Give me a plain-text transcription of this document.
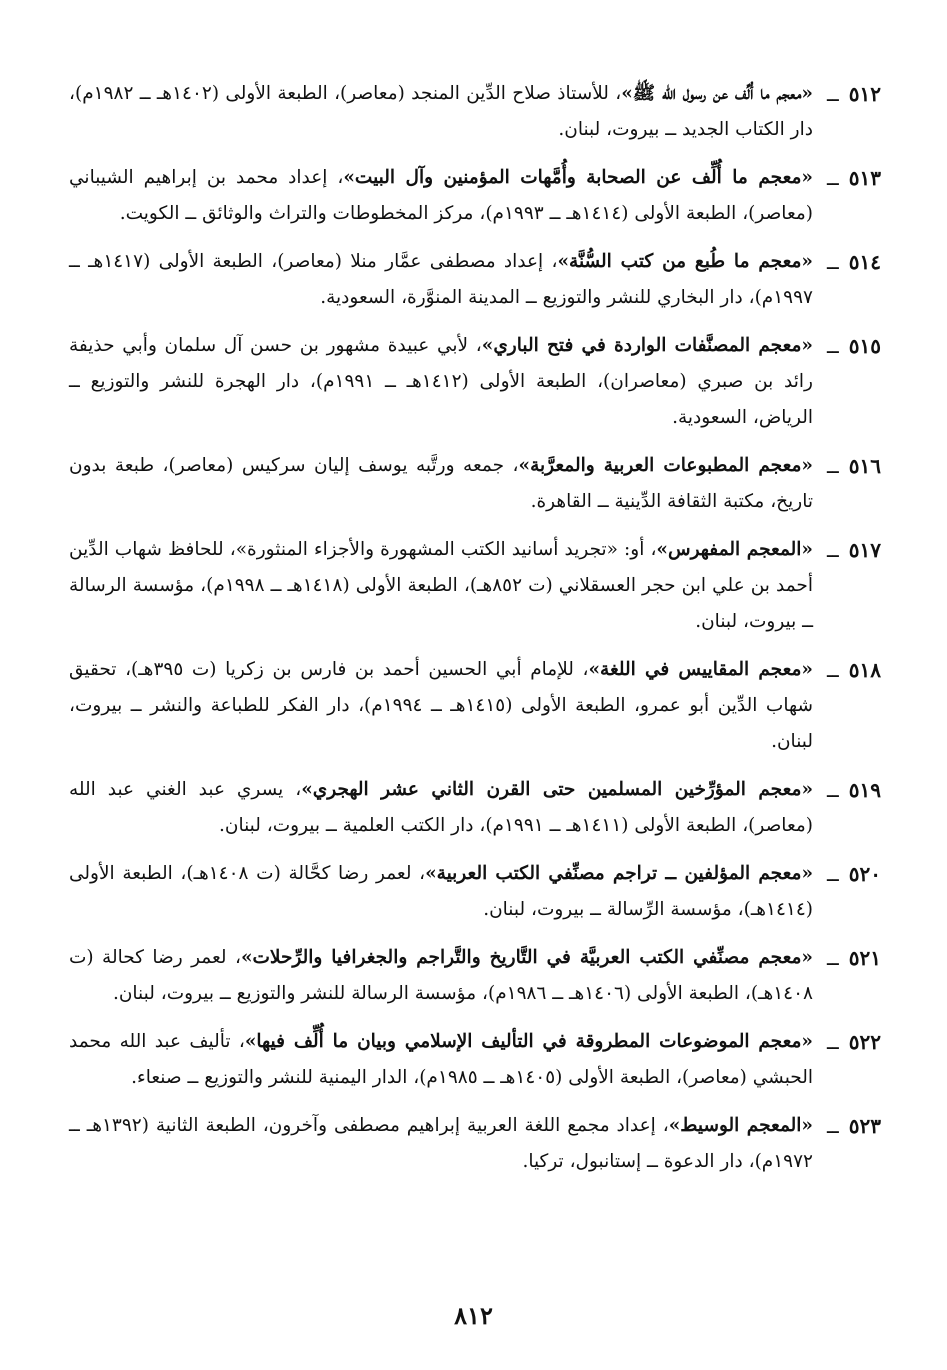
٥١٢ــ
«معجم ما أُلِّف عن رسول الله ﷺ»، للأستاذ صلاح الدِّين المنجد (معاصر)، الطبعة الأولى (١٤٠٢هـ ــ ١٩٨٢م)، دار الكتاب الجديد ــ بيروت، لبنان.
٥١٣ــ
«معجم ما أُلِّف عن الصحابة وأُمَّهات المؤمنين وآل البيت»، إعداد محمد بن إبراهيم الشيباني (معاصر)، الطبعة الأولى (١٤١٤هـ ــ ١٩٩٣م)، مركز المخطوطات والتراث والوثائق ــ الكويت.
٥١٤ــ
«معجم ما طُبع من كتب السُّنَّة»، إعداد مصطفى عمَّار منلا (معاصر)، الطبعة الأولى (١٤١٧هـ ــ ١٩٩٧م)، دار البخاري للنشر والتوزيع ــ المدينة المنوَّرة، السعودية.
٥١٥ــ
«معجم المصنَّفات الواردة في فتح الباري»، لأبي عبيدة مشهور بن حسن آل سلمان وأبي حذيفة رائد بن صبري (معاصران)، الطبعة الأولى (١٤١٢هـ ــ ١٩٩١م)، دار الهجرة للنشر والتوزيع ــ الرياض، السعودية.
٥١٦ــ
«معجم المطبوعات العربية والمعرَّبة»، جمعه ورتَّبه يوسف إليان سركيس (معاصر)، طبعة بدون تاريخ، مكتبة الثقافة الدِّينية ــ القاهرة.
٥١٧ــ
«المعجم المفهرس»، أو: «تجريد أسانيد الكتب المشهورة والأجزاء المنثورة»، للحافظ شهاب الدِّين أحمد بن علي ابن حجر العسقلاني (ت ٨٥٢هـ)، الطبعة الأولى (١٤١٨هـ ــ ١٩٩٨م)، مؤسسة الرسالة ــ بيروت، لبنان.
٥١٨ــ
«معجم المقاييس في اللغة»، للإمام أبي الحسين أحمد بن فارس بن زكريا (ت ٣٩٥هـ)، تحقيق شهاب الدِّين أبو عمرو، الطبعة الأولى (١٤١٥هـ ــ ١٩٩٤م)، دار الفكر للطباعة والنشر ــ بيروت، لبنان.
٥١٩ــ
«معجم المؤرِّخين المسلمين حتى القرن الثاني عشر الهجري»، يسري عبد الغني عبد الله (معاصر)، الطبعة الأولى (١٤١١هـ ــ ١٩٩١م)، دار الكتب العلمية ــ بيروت، لبنان.
٥٢٠ــ
«معجم المؤلفين ــ تراجم مصنِّفي الكتب العربية»، لعمر رضا كحَّالة (ت ١٤٠٨هـ)، الطبعة الأولى (١٤١٤هـ)، مؤسسة الرِّسالة ــ بيروت، لبنان.
٥٢١ــ
«معجم مصنِّفي الكتب العربيَّة في التَّاريخ والتَّراجم والجغرافيا والرِّحلات»، لعمر رضا كحالة (ت ١٤٠٨هـ)، الطبعة الأولى (١٤٠٦هـ ــ ١٩٨٦م)، مؤسسة الرسالة للنشر والتوزيع ــ بيروت، لبنان.
٥٢٢ــ
«معجم الموضوعات المطروقة في التأليف الإسلامي وبيان ما أُلِّف فيها»، تأليف عبد الله محمد الحبشي (معاصر)، الطبعة الأولى (١٤٠٥هـ ــ ١٩٨٥م)، الدار اليمنية للنشر والتوزيع ــ صنعاء.
٥٢٣ــ
«المعجم الوسيط»، إعداد مجمع اللغة العربية إبراهيم مصطفى وآخرون، الطبعة الثانية (١٣٩٢هـ ــ ١٩٧٢م)، دار الدعوة ــ إستانبول، تركيا.
٨١٢
